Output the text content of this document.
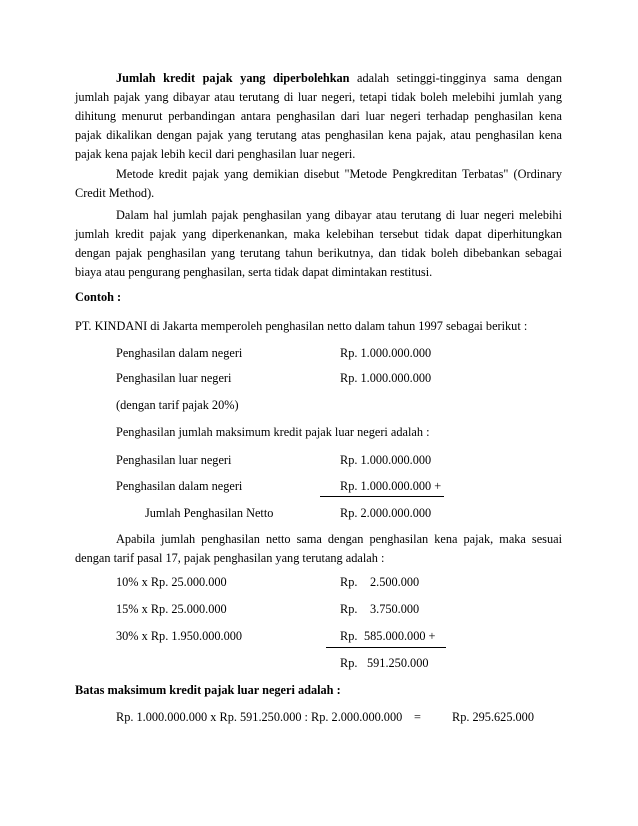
Jumlah kredit pajak yang diperbolehkan adalah setinggi-tingginya sama dengan jumlah pajak yang dibayar atau terutang di luar negeri, tetapi tidak boleh melebihi jumlah yang dihitung menurut perbandingan antara penghasilan dari luar negeri terhadap penghasilan kena pajak dikalikan dengan pajak yang terutang atas penghasilan kena pajak, atau penghasilan kena pajak kena pajak lebih kecil dari penghasilan luar negeri.
Metode kredit pajak yang demikian disebut "Metode Pengkreditan Terbatas" (Ordinary Credit Method).
Dalam hal jumlah pajak penghasilan yang dibayar atau terutang di luar negeri melebihi jumlah kredit pajak yang diperkenankan, maka kelebihan tersebut tidak dapat diperhitungkan dengan pajak penghasilan yang terutang tahun berikutnya, dan tidak boleh dibebankan sebagai biaya atau pengurang penghasilan, serta tidak dapat dimintakan restitusi.
Contoh :
PT. KINDANI di Jakarta memperoleh penghasilan netto dalam tahun 1997 sebagai berikut :
Penghasilan dalam negeri	Rp. 1.000.000.000
Penghasilan luar negeri	Rp. 1.000.000.000
(dengan tarif pajak 20%)
Penghasilan jumlah maksimum kredit pajak luar negeri adalah :
Penghasilan luar negeri	Rp. 1.000.000.000
Penghasilan dalam negeri	Rp. 1.000.000.000 +
Jumlah Penghasilan Netto	Rp. 2.000.000.000
Apabila jumlah penghasilan netto sama dengan penghasilan kena pajak, maka sesuai dengan tarif pasal 17, pajak penghasilan yang terutang adalah :
10% x Rp. 25.000.000	Rp. 2.500.000
15% x Rp. 25.000.000	Rp. 3.750.000
30% x Rp. 1.950.000.000	Rp. 585.000.000 +
Rp. 591.250.000
Batas maksimum kredit pajak luar negeri adalah :
Rp. 1.000.000.000 x Rp. 591.250.000 : Rp. 2.000.000.000 =	Rp. 295.625.000
